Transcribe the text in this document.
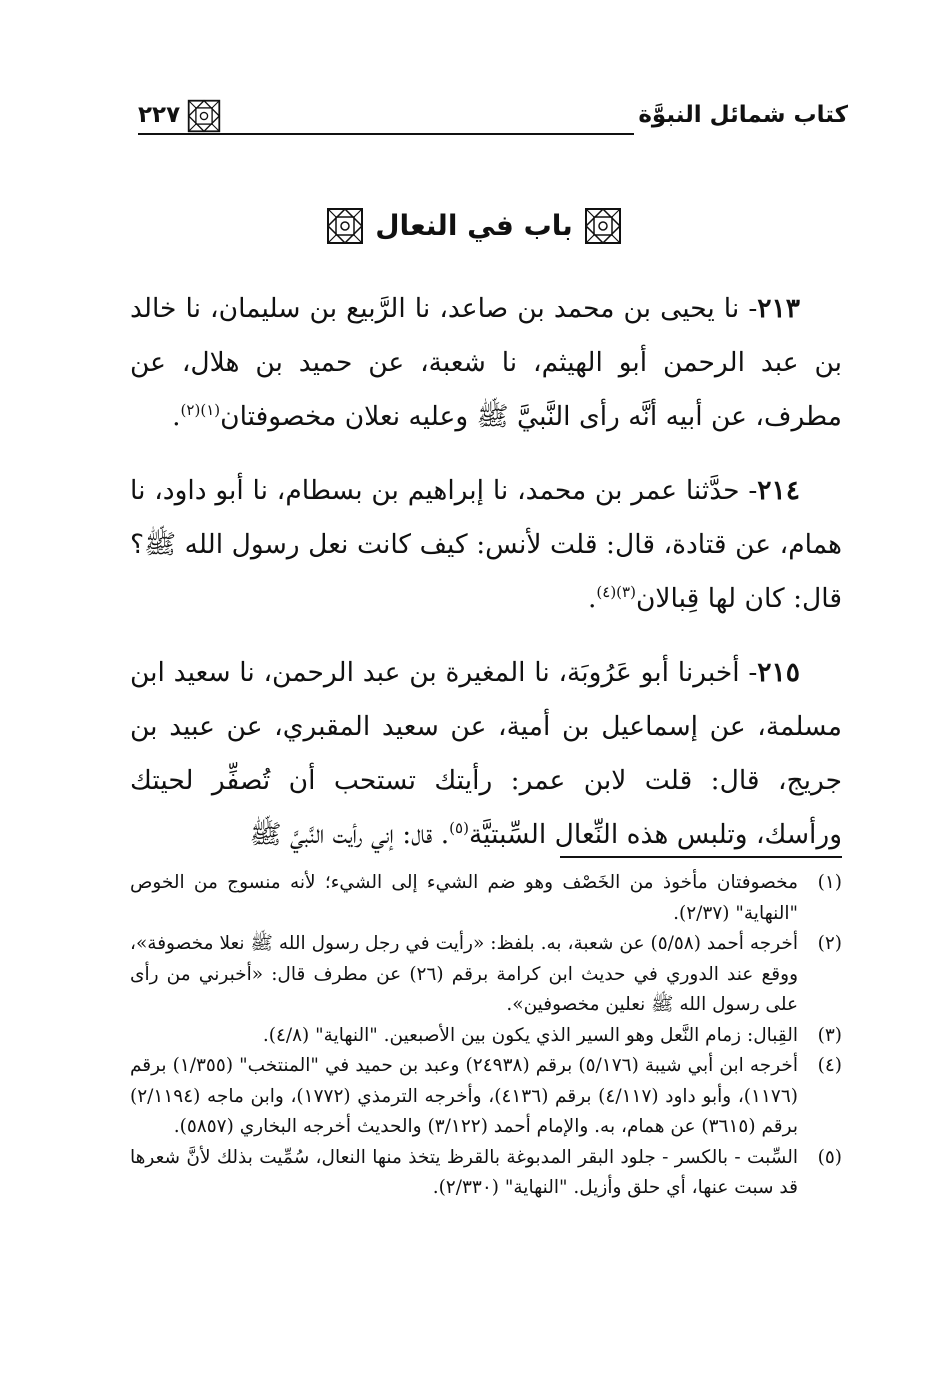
كتاب شمائل النبوَّة
٢٢٧
باب في النعال

٢١٣- نا يحيى بن محمد بن صاعد، نا الرَّبيع بن سليمان، نا خالد بن عبد الرحمن أبو الهيثم، نا شعبة، عن حميد بن هلال، عن مطرف، عن أبيه أنَّه رأى النَّبيَّ ﷺ وعليه نعلان مخصوفتان$^{(١)(٢)}$.

٢١٤- حدَّثنا عمر بن محمد، نا إبراهيم بن بسطام، نا أبو داود، نا همام، عن قتادة، قال: قلت لأنس: كيف كانت نعل رسول الله ﷺ؟ قال: كان لها قِبالان$^{(٣)(٤)}$.

٢١٥- أخبرنا أبو عَرُوبَة، نا المغيرة بن عبد الرحمن، نا سعيد ابن مسلمة، عن إسماعيل بن أمية، عن سعيد المقبري، عن عبيد بن جريج، قال: قلت لابن عمر: رأيتك تستحب أن تُصفِّر لحيتك ورأسك، وتلبس هذه النِّعال السِّبتيَّة$^{(٥)}$. قال: إني رأيت النَّبيَّ ﷺ

(١)
مخصوفتان مأخوذ من الخَصْف وهو ضم الشيء إلى الشيء؛ لأنه منسوج من الخوص "النهاية" (٢/٣٧).
(٢)
أخرجه أحمد (٥/٥٨) عن شعبة، به. بلفظ: «رأيت في رجل رسول الله ﷺ نعلا مخصوفة»، ووقع عند الدوري في حديث ابن كرامة برقم (٢٦) عن مطرف قال: «أخبرني من رأى على رسول الله ﷺ نعلين مخصوفين».
(٣)
القِبال: زمام النَّعل وهو السير الذي يكون بين الأصبعين. "النهاية" (٤/٨).
(٤)
أخرجه ابن أبي شيبة (٥/١٧٦) برقم (٢٤٩٣٨) وعبد بن حميد في "المنتخب" (١/٣٥٥) برقم (١١٧٦)، وأبو داود (٤/١١٧) برقم (٤١٣٦)، وأخرجه الترمذي (١٧٧٢)، وابن ماجه (٢/١١٩٤) برقم (٣٦١٥) عن همام، به. والإمام أحمد (٣/١٢٢) والحديث أخرجه البخاري (٥٨٥٧).
(٥)
السِّبت - بالكسر - جلود البقر المدبوغة بالقرظ يتخذ منها النعال، سُمِّيت بذلك لأنَّ شعرها قد سبت عنها، أي حلق وأزيل. "النهاية" (٢/٣٣٠).
